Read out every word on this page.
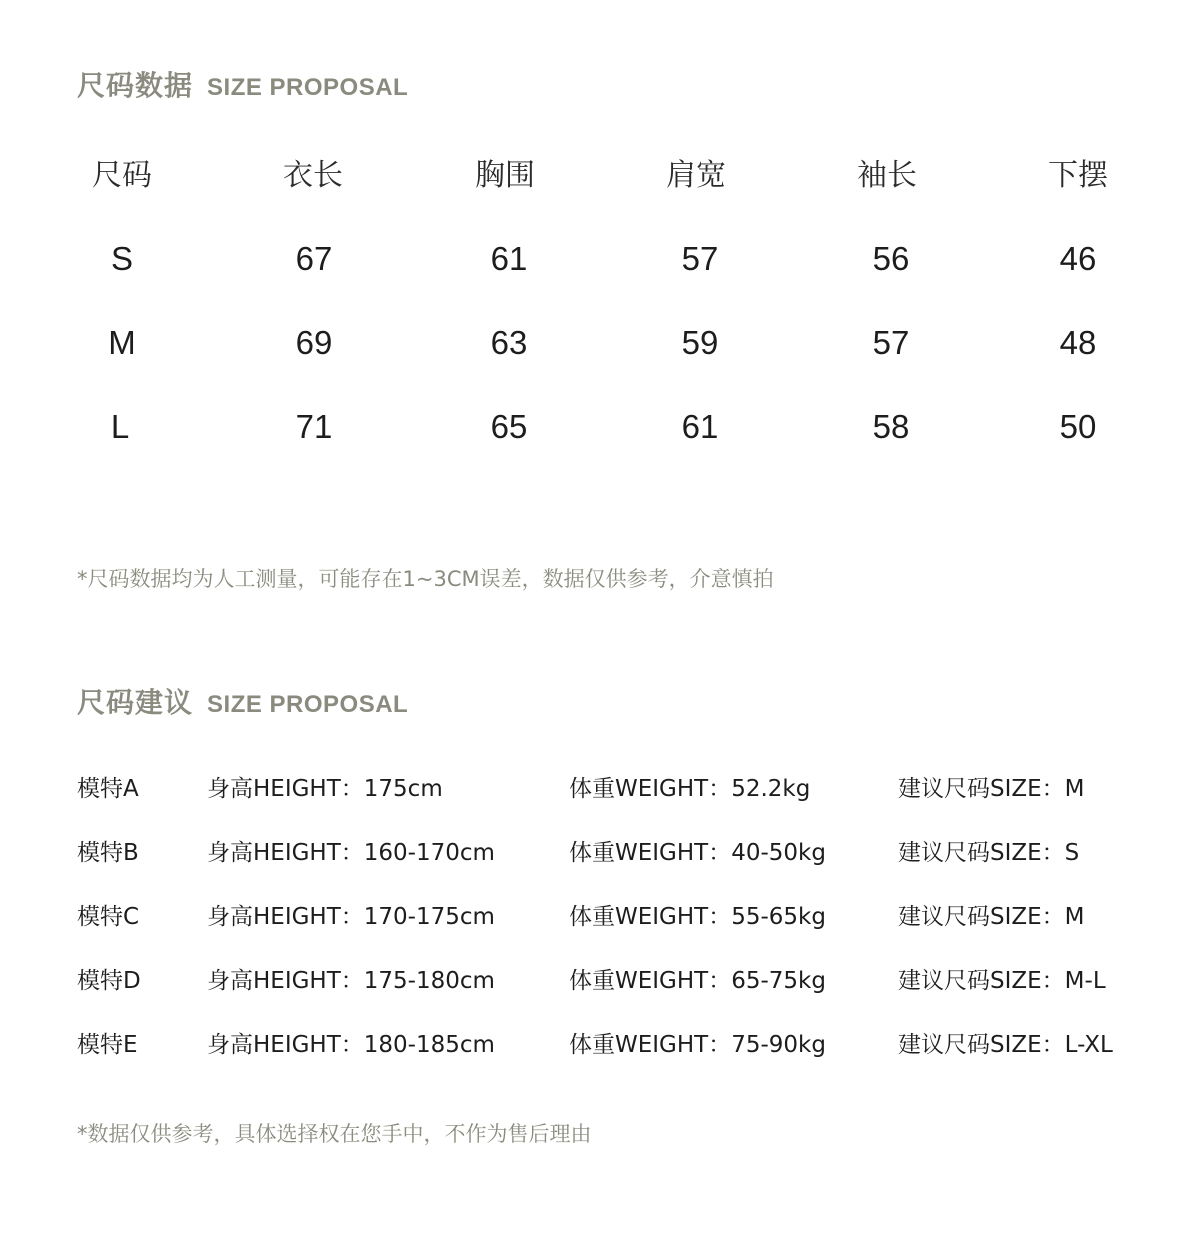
尺码数据 SIZE PROPOSAL
尺码	衣长	胸围	肩宽	袖长	下摆
S	67	61	57	56	46
M	69	63	59	57	48
L	71	65	61	58	50
*尺码数据均为人工测量，可能存在1~3CM误差，数据仅供参考，介意慎拍
尺码建议 SIZE PROPOSAL
模特A	身高HEIGHT：175cm	体重WEIGHT：52.2kg	建议尺码SIZE：M
模特B	身高HEIGHT：160-170cm	体重WEIGHT：40-50kg	建议尺码SIZE：S
模特C	身高HEIGHT：170-175cm	体重WEIGHT：55-65kg	建议尺码SIZE：M
模特D	身高HEIGHT：175-180cm	体重WEIGHT：65-75kg	建议尺码SIZE：M-L
模特E	身高HEIGHT：180-185cm	体重WEIGHT：75-90kg	建议尺码SIZE：L-XL
*数据仅供参考，具体选择权在您手中，不作为售后理由
